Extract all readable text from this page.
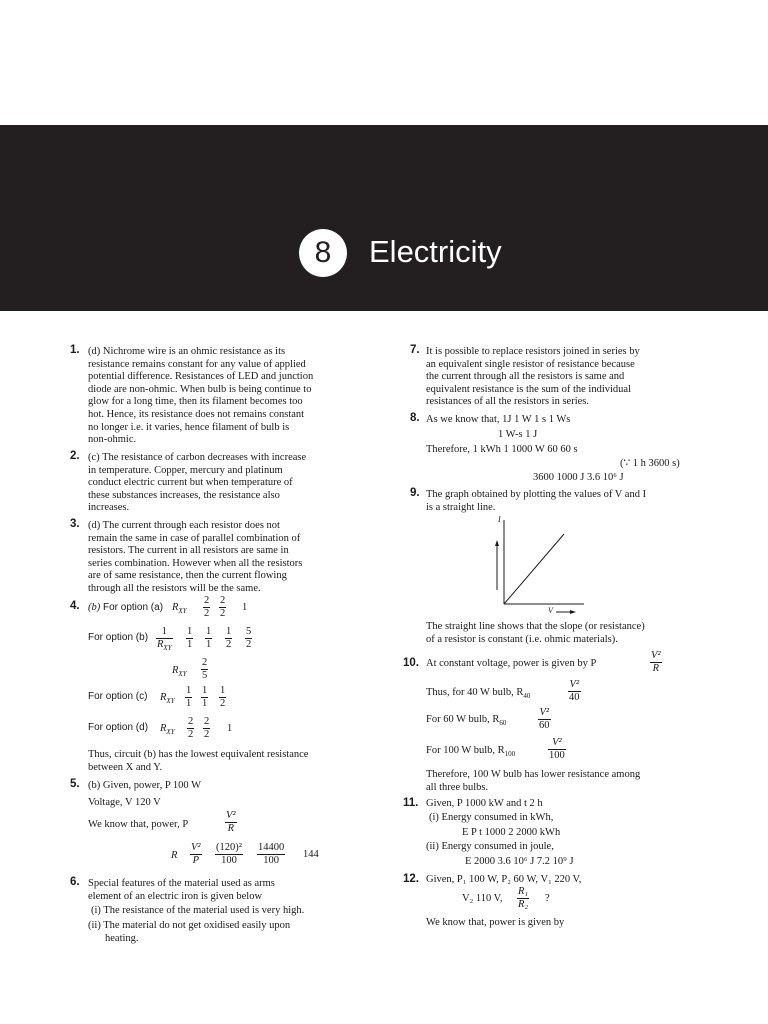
8	Electricity
1. (d) Nichrome wire is an ohmic resistance as its
resistance remains constant for any value of applied
potential difference. Resistances of LED and junction
diode are non-ohmic. When bulb is being continue to
glow for a long time, then its filament becomes too
hot. Hence, its resistance does not remains constant
no longer i.e. it varies, hence filament of bulb is
non-ohmic.
2. (c) The resistance of carbon decreases with increase
in temperature. Copper, mercury and platinum
conduct electric current but when temperature of
these substances increases, the resistance also
increases.
3. (d) The current through each resistor does not
remain the same in case of parallel combination of
resistors. The current in all resistors are same in
series combination. However when all the resistors
are of same resistance, then the current flowing
through all the resistors will be the same.
4. (b) For option (a) $R_{XY} \frac{2}{2} \frac{2}{2} 1$
For option (b)
1
$R_{XY} \frac{1}{1} \frac{1}{1} \frac{1}{2} \frac{5}{2}$
$R_{XY} \frac{2}{5}$
For option (c) $R_{XY} \frac{1}{1} \frac{1}{1} \frac{1}{2}$
For option (d) $R_{XY} \frac{2}{2} \frac{2}{2} 1$
Thus, circuit (b) has the lowest equivalent resistance
between X and Y.
5. (b) Given, power, P 100 W
Voltage, V 120 V
We know that, power, P	$\frac{\text{V²}}{R}$
R $\frac{\text{V²}}{P} \frac{\text{(120)²}}{100} \frac{14400}{100} 144$
6. Special features of the material used as arms
element of an electric iron is given below
(i) The resistance of the material used is very high.
(ii) The material do not get oxidised easily upon
heating.
7. It is possible to replace resistors joined in series by
an equivalent single resistor of resistance because
the current through all the resistors is same and
equivalent resistance is the sum of the individual
resistances of all the resistors in series.
8. As we know that, 1J 1 W 1 s 1 Ws
1 W-s 1 J
Therefore, 1 kWh 1 1000 W 60 60 s
(∵ 1 h 3600 s)
3600 1000 J 3.6 10⁶ J
9. The graph obtained by plotting the values of V and I
is a straight line.
I
V
The straight line shows that the slope (or resistance)
of a resistor is constant (i.e. ohmic materials).
10. At constant voltage, power is given by P	$\frac{\text{V²}}{R}$
Thus, for 40 W bulb, $R_{40}$	$\frac{\text{V²}}{40}$
For 60 W bulb, $R_{60}$	$\frac{\text{V²}}{60}$
For 100 W bulb, $R_{100}$	$\frac{\text{V²}}{100}$
Therefore, 100 W bulb has lower resistance among
all three bulbs.
11. Given, P 1000 kW and t 2 h
(i) Energy consumed in kWh,
E P t 1000 2 2000 kWh
(ii) Energy consumed in joule,
E 2000 3.6 10⁶ J 7.2 10⁹ J
12. Given, P₁ 100 W, P₂ 60 W, V₁ 220 V,
V₂ 110 V, $\frac{\text{R₁}}{\text{R₂}}$ ?
We know that, power is given by
